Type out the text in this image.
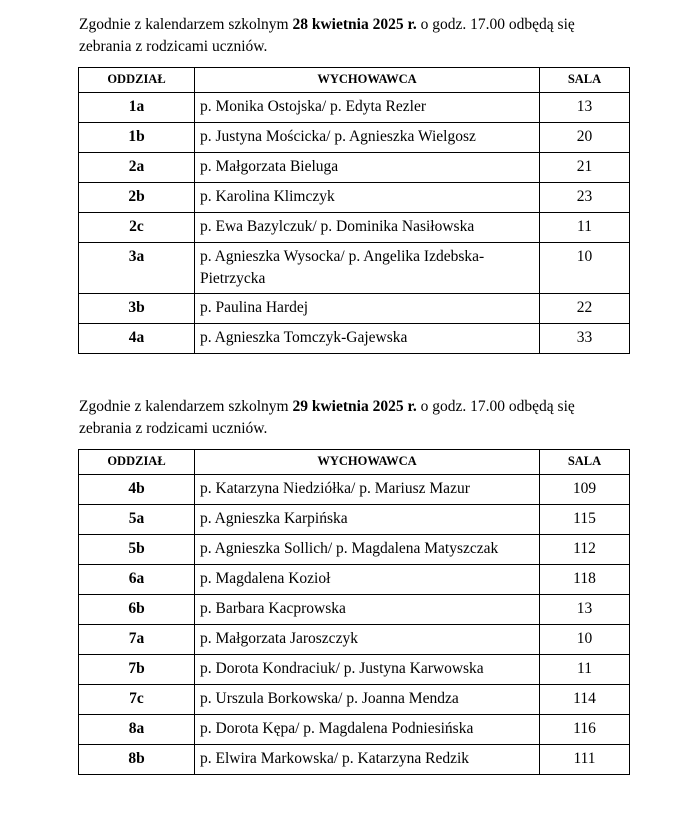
Zgodnie z kalendarzem szkolnym 28 kwietnia 2025 r. o godz. 17.00 odbędą się zebrania z rodzicami uczniów.

ODDZIAŁ	WYCHOWAWCA	SALA
1a	p. Monika Ostojska/ p. Edyta Rezler	13
1b	p. Justyna Mościcka/ p. Agnieszka Wielgosz	20
2a	p. Małgorzata Bieluga	21
2b	p. Karolina Klimczyk	23
2c	p. Ewa Bazylczuk/ p. Dominika Nasiłowska	11
3a	p. Agnieszka Wysocka/ p. Angelika Izdebska-Pietrzycka	10
3b	p. Paulina Hardej	22
4a	p. Agnieszka Tomczyk-Gajewska	33

Zgodnie z kalendarzem szkolnym 29 kwietnia 2025 r. o godz. 17.00 odbędą się zebrania z rodzicami uczniów.

ODDZIAŁ	WYCHOWAWCA	SALA
4b	p. Katarzyna Niedziółka/ p. Mariusz Mazur	109
5a	p. Agnieszka Karpińska	115
5b	p. Agnieszka Sollich/ p. Magdalena Matyszczak	112
6a	p. Magdalena Kozioł	118
6b	p. Barbara Kacprowska	13
7a	p. Małgorzata Jaroszczyk	10
7b	p. Dorota Kondraciuk/ p. Justyna Karwowska	11
7c	p. Urszula Borkowska/ p. Joanna Mendza	114
8a	p. Dorota Kępa/ p. Magdalena Podniesińska	116
8b	p. Elwira Markowska/ p. Katarzyna Redzik	111
